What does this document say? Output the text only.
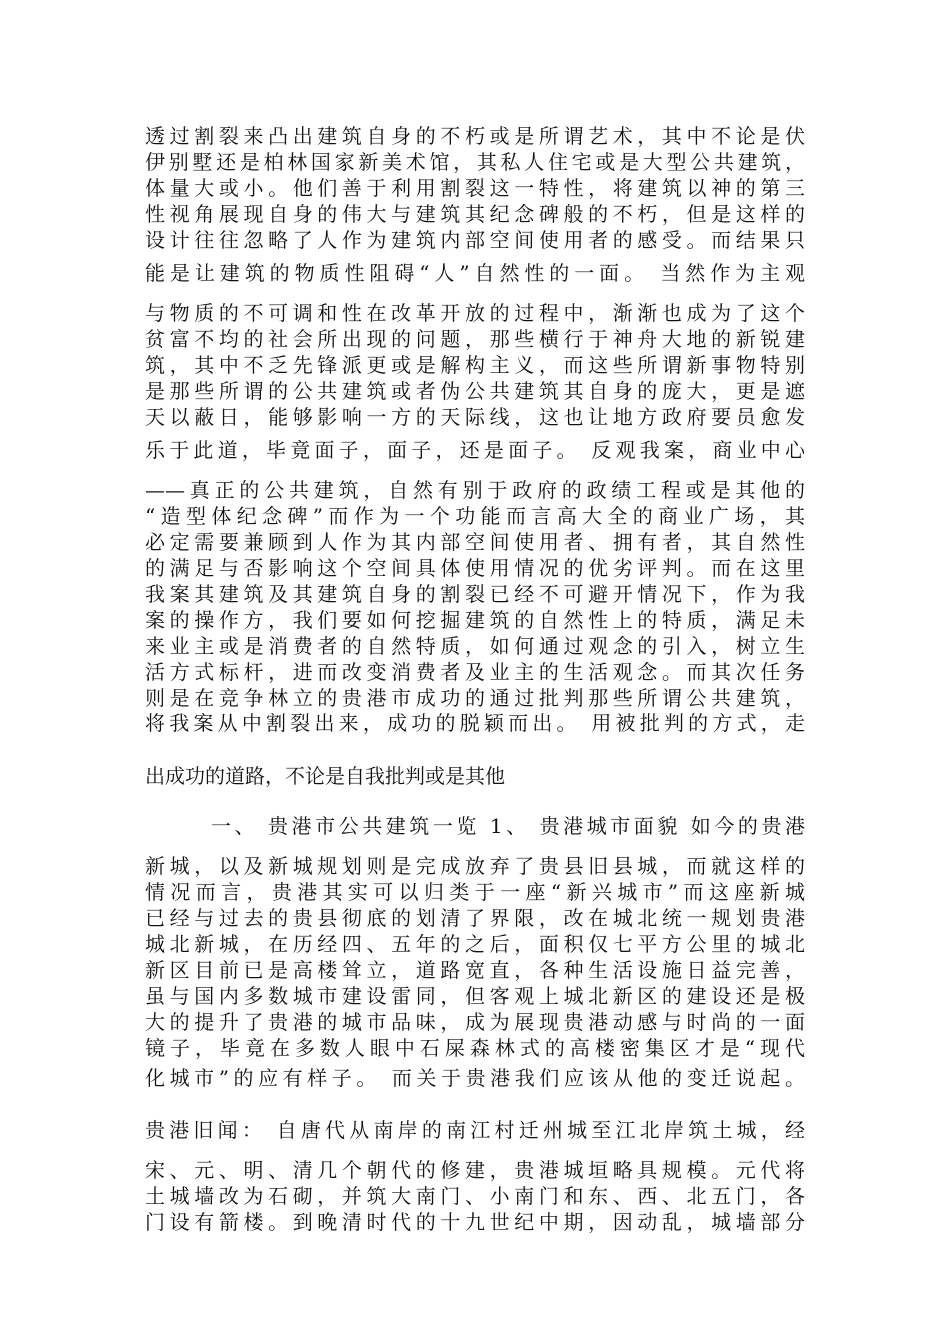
透过割裂来凸出建筑自身的不朽或是所谓艺术，其中不论是伏
伊别墅还是柏林国家新美术馆，其私人住宅或是大型公共建筑，
体量大或小。他们善于利用割裂这一特性，将建筑以神的第三
性视角展现自身的伟大与建筑其纪念碑般的不朽，但是这样的
设计往往忽略了人作为建筑内部空间使用者的感受。而结果只
能是让建筑的物质性阻碍“人”自然性的一面。 当然作为主观
与物质的不可调和性在改革开放的过程中，渐渐也成为了这个
贫富不均的社会所出现的问题，那些横行于神舟大地的新锐建
筑，其中不乏先锋派更或是解构主义，而这些所谓新事物特别
是那些所谓的公共建筑或者伪公共建筑其自身的庞大，更是遮
天以蔽日，能够影响一方的天际线，这也让地方政府要员愈发
乐于此道，毕竟面子，面子，还是面子。 反观我案，商业中心
——真正的公共建筑，自然有别于政府的政绩工程或是其他的
“造型体纪念碑”而作为一个功能而言高大全的商业广场，其
必定需要兼顾到人作为其内部空间使用者、拥有者，其自然性
的满足与否影响这个空间具体使用情况的优劣评判。而在这里
我案其建筑及其建筑自身的割裂已经不可避开情况下，作为我
案的操作方，我们要如何挖掘建筑的自然性上的特质，满足未
来业主或是消费者的自然特质，如何通过观念的引入，树立生
活方式标杆，进而改变消费者及业主的生活观念。而其次任务
则是在竞争林立的贵港市成功的通过批判那些所谓公共建筑，
将我案从中割裂出来，成功的脱颖而出。 用被批判的方式，走
出成功的道路，不论是自我批判或是其他
一、 贵港市公共建筑一览 1、 贵港城市面貌 如今的贵港
新城，以及新城规划则是完成放弃了贵县旧县城，而就这样的
情况而言，贵港其实可以归类于一座“新兴城市”而这座新城
已经与过去的贵县彻底的划清了界限，改在城北统一规划贵港
城北新城，在历经四、五年的之后，面积仅七平方公里的城北
新区目前已是高楼耸立，道路宽直，各种生活设施日益完善，
虽与国内多数城市建设雷同，但客观上城北新区的建设还是极
大的提升了贵港的城市品味，成为展现贵港动感与时尚的一面
镜子，毕竟在多数人眼中石屎森林式的高楼密集区才是“现代
化城市”的应有样子。 而关于贵港我们应该从他的变迁说起。
贵港旧闻： 自唐代从南岸的南江村迁州城至江北岸筑土城，经
宋、元、明、清几个朝代的修建，贵港城垣略具规模。元代将
土城墙改为石砌，并筑大南门、小南门和东、西、北五门，各
门设有箭楼。到晚清时代的十九世纪中期，因动乱，城墙部分
